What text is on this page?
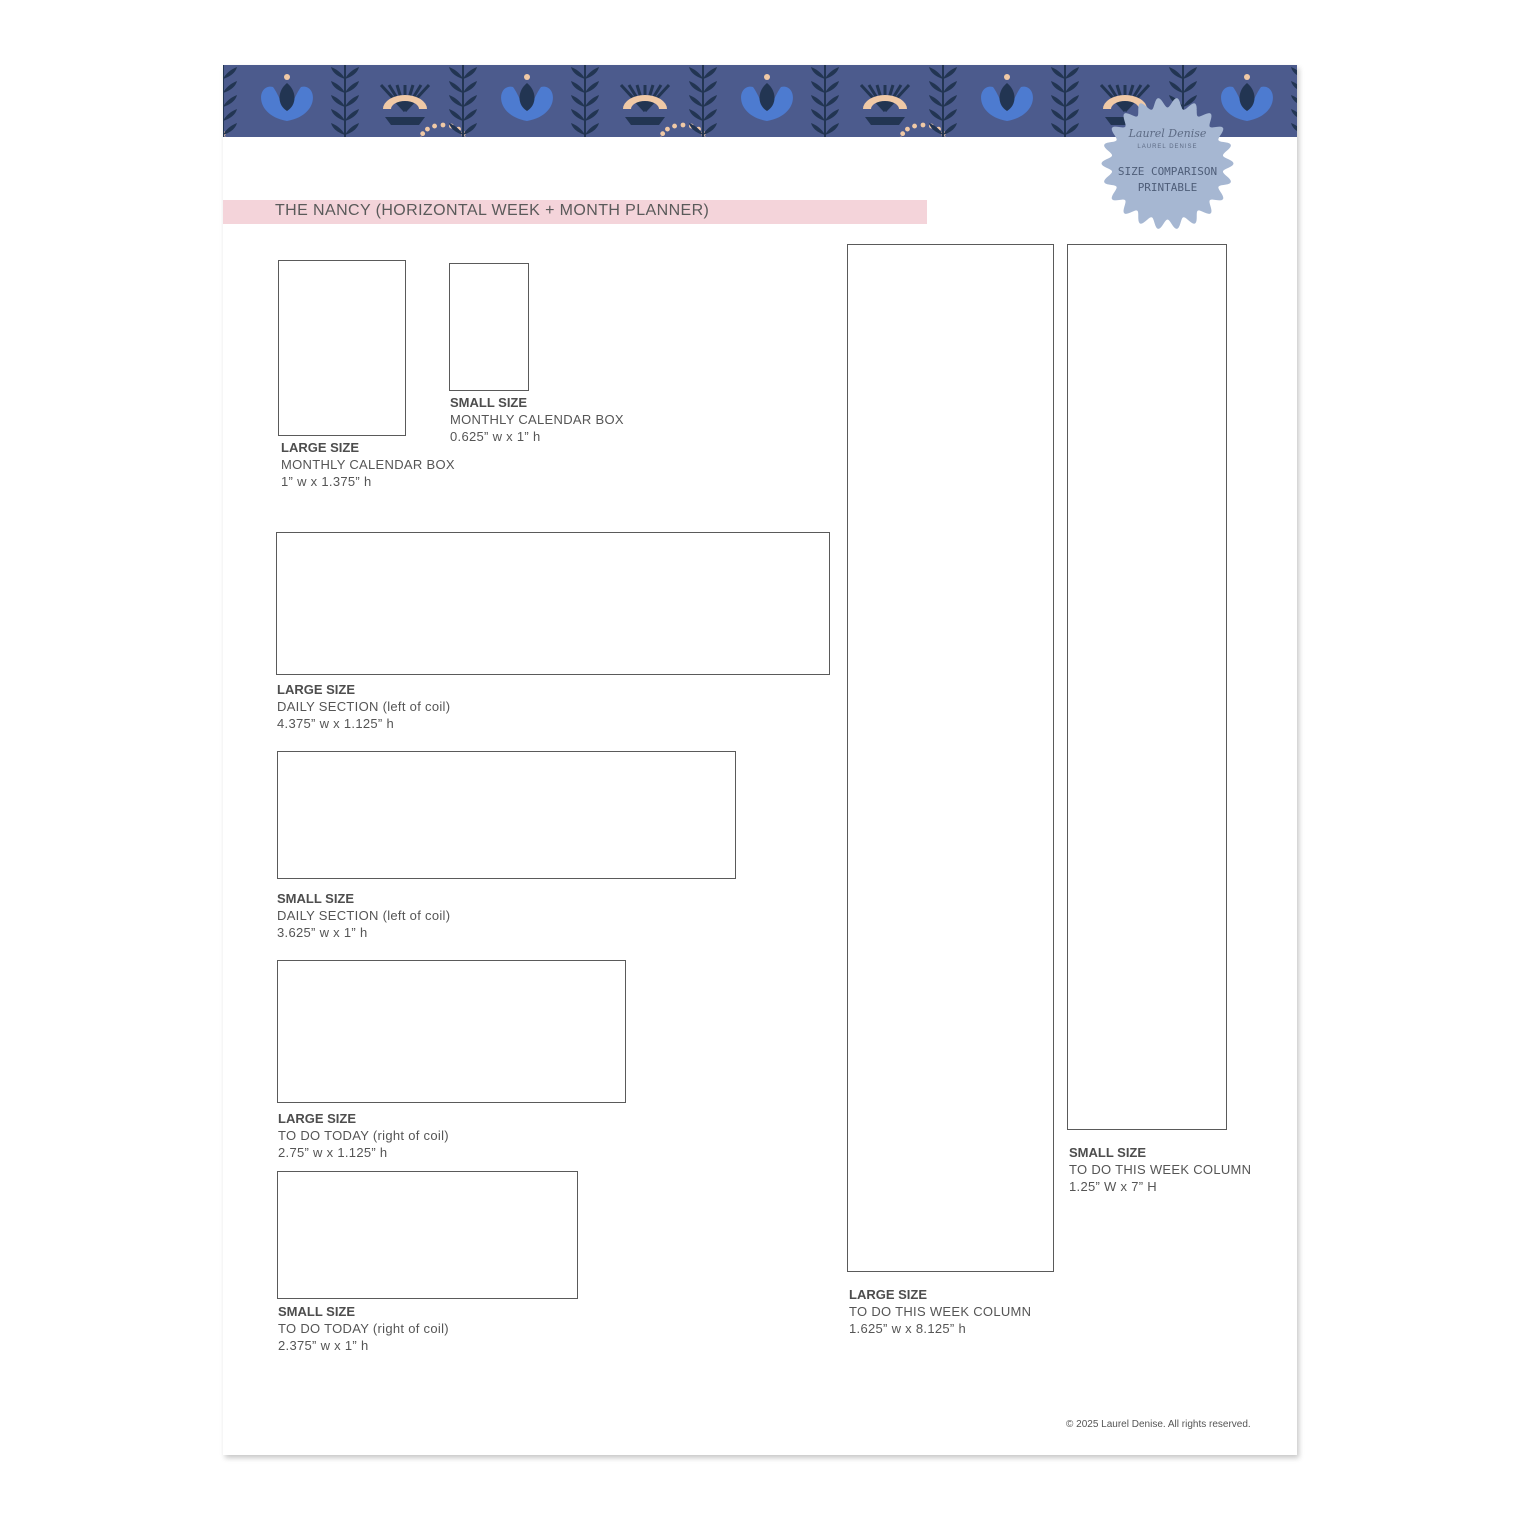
Laurel Denise
LAUREL DENISE
SIZE COMPARISON PRINTABLE
THE NANCY (HORIZONTAL WEEK + MONTH PLANNER)
LARGE SIZE
MONTHLY CALENDAR BOX
1” w x 1.375” h
SMALL SIZE
MONTHLY CALENDAR BOX
0.625” w x 1” h
LARGE SIZE
DAILY SECTION (left of coil)
4.375” w x 1.125” h
SMALL SIZE
DAILY SECTION (left of coil)
3.625” w x 1” h
LARGE SIZE
TO DO TODAY (right of coil)
2.75” w x 1.125” h
SMALL SIZE
TO DO TODAY (right of coil)
2.375” w x 1” h
LARGE SIZE
TO DO THIS WEEK COLUMN
1.625” w x 8.125” h
SMALL SIZE
TO DO THIS WEEK COLUMN
1.25” W x 7” H
© 2025 Laurel Denise. All rights reserved.
